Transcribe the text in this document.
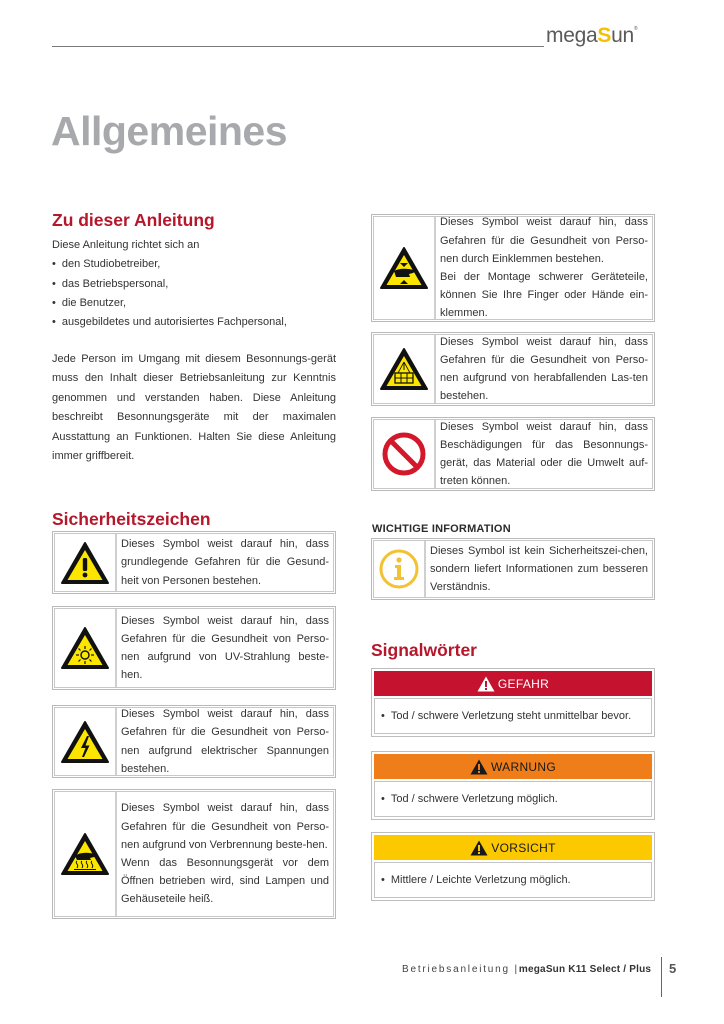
megaSun®
Allgemeines
Zu dieser Anleitung
Diese Anleitung richtet sich an
• den Studiobetreiber,
• das Betriebspersonal,
• die Benutzer,
• ausgebildetes und autorisiertes Fachpersonal,

Jede Person im Umgang mit diesem Besonnungs-gerät muss den Inhalt dieser Betriebsanleitung zur Kenntnis genommen und verstanden haben. Diese Anleitung beschreibt Besonnungsgeräte mit der maximalen Ausstattung an Funktionen. Halten Sie diese Anleitung immer griffbereit.

Sicherheitszeichen
Dieses Symbol weist darauf hin, dass grundlegende Gefahren für die Gesund-heit von Personen bestehen.
Dieses Symbol weist darauf hin, dass Gefahren für die Gesundheit von Perso-nen aufgrund von UV-Strahlung beste-hen.
Dieses Symbol weist darauf hin, dass Gefahren für die Gesundheit von Perso-nen aufgrund elektrischer Spannungen bestehen.
Dieses Symbol weist darauf hin, dass Gefahren für die Gesundheit von Perso-nen aufgrund von Verbrennung beste-hen.
Wenn das Besonnungsgerät vor dem Öffnen betrieben wird, sind Lampen und Gehäuseteile heiß.
Dieses Symbol weist darauf hin, dass Gefahren für die Gesundheit von Perso-nen durch Einklemmen bestehen.
Bei der Montage schwerer Geräteteile, können Sie Ihre Finger oder Hände ein-klemmen.
Dieses Symbol weist darauf hin, dass Gefahren für die Gesundheit von Perso-nen aufgrund von herabfallenden Las-ten bestehen.
Dieses Symbol weist darauf hin, dass Beschädigungen für das Besonnungs-gerät, das Material oder die Umwelt auf-treten können.
WICHTIGE INFORMATION
Dieses Symbol ist kein Sicherheitszei-chen, sondern liefert Informationen zum besseren Verständnis.
Signalwörter
GEFAHR
• Tod / schwere Verletzung steht unmittelbar bevor.
WARNUNG
• Tod / schwere Verletzung möglich.
VORSICHT
• Mittlere / Leichte Verletzung möglich.
Betriebsanleitung |megaSun K11 Select / Plus 5
